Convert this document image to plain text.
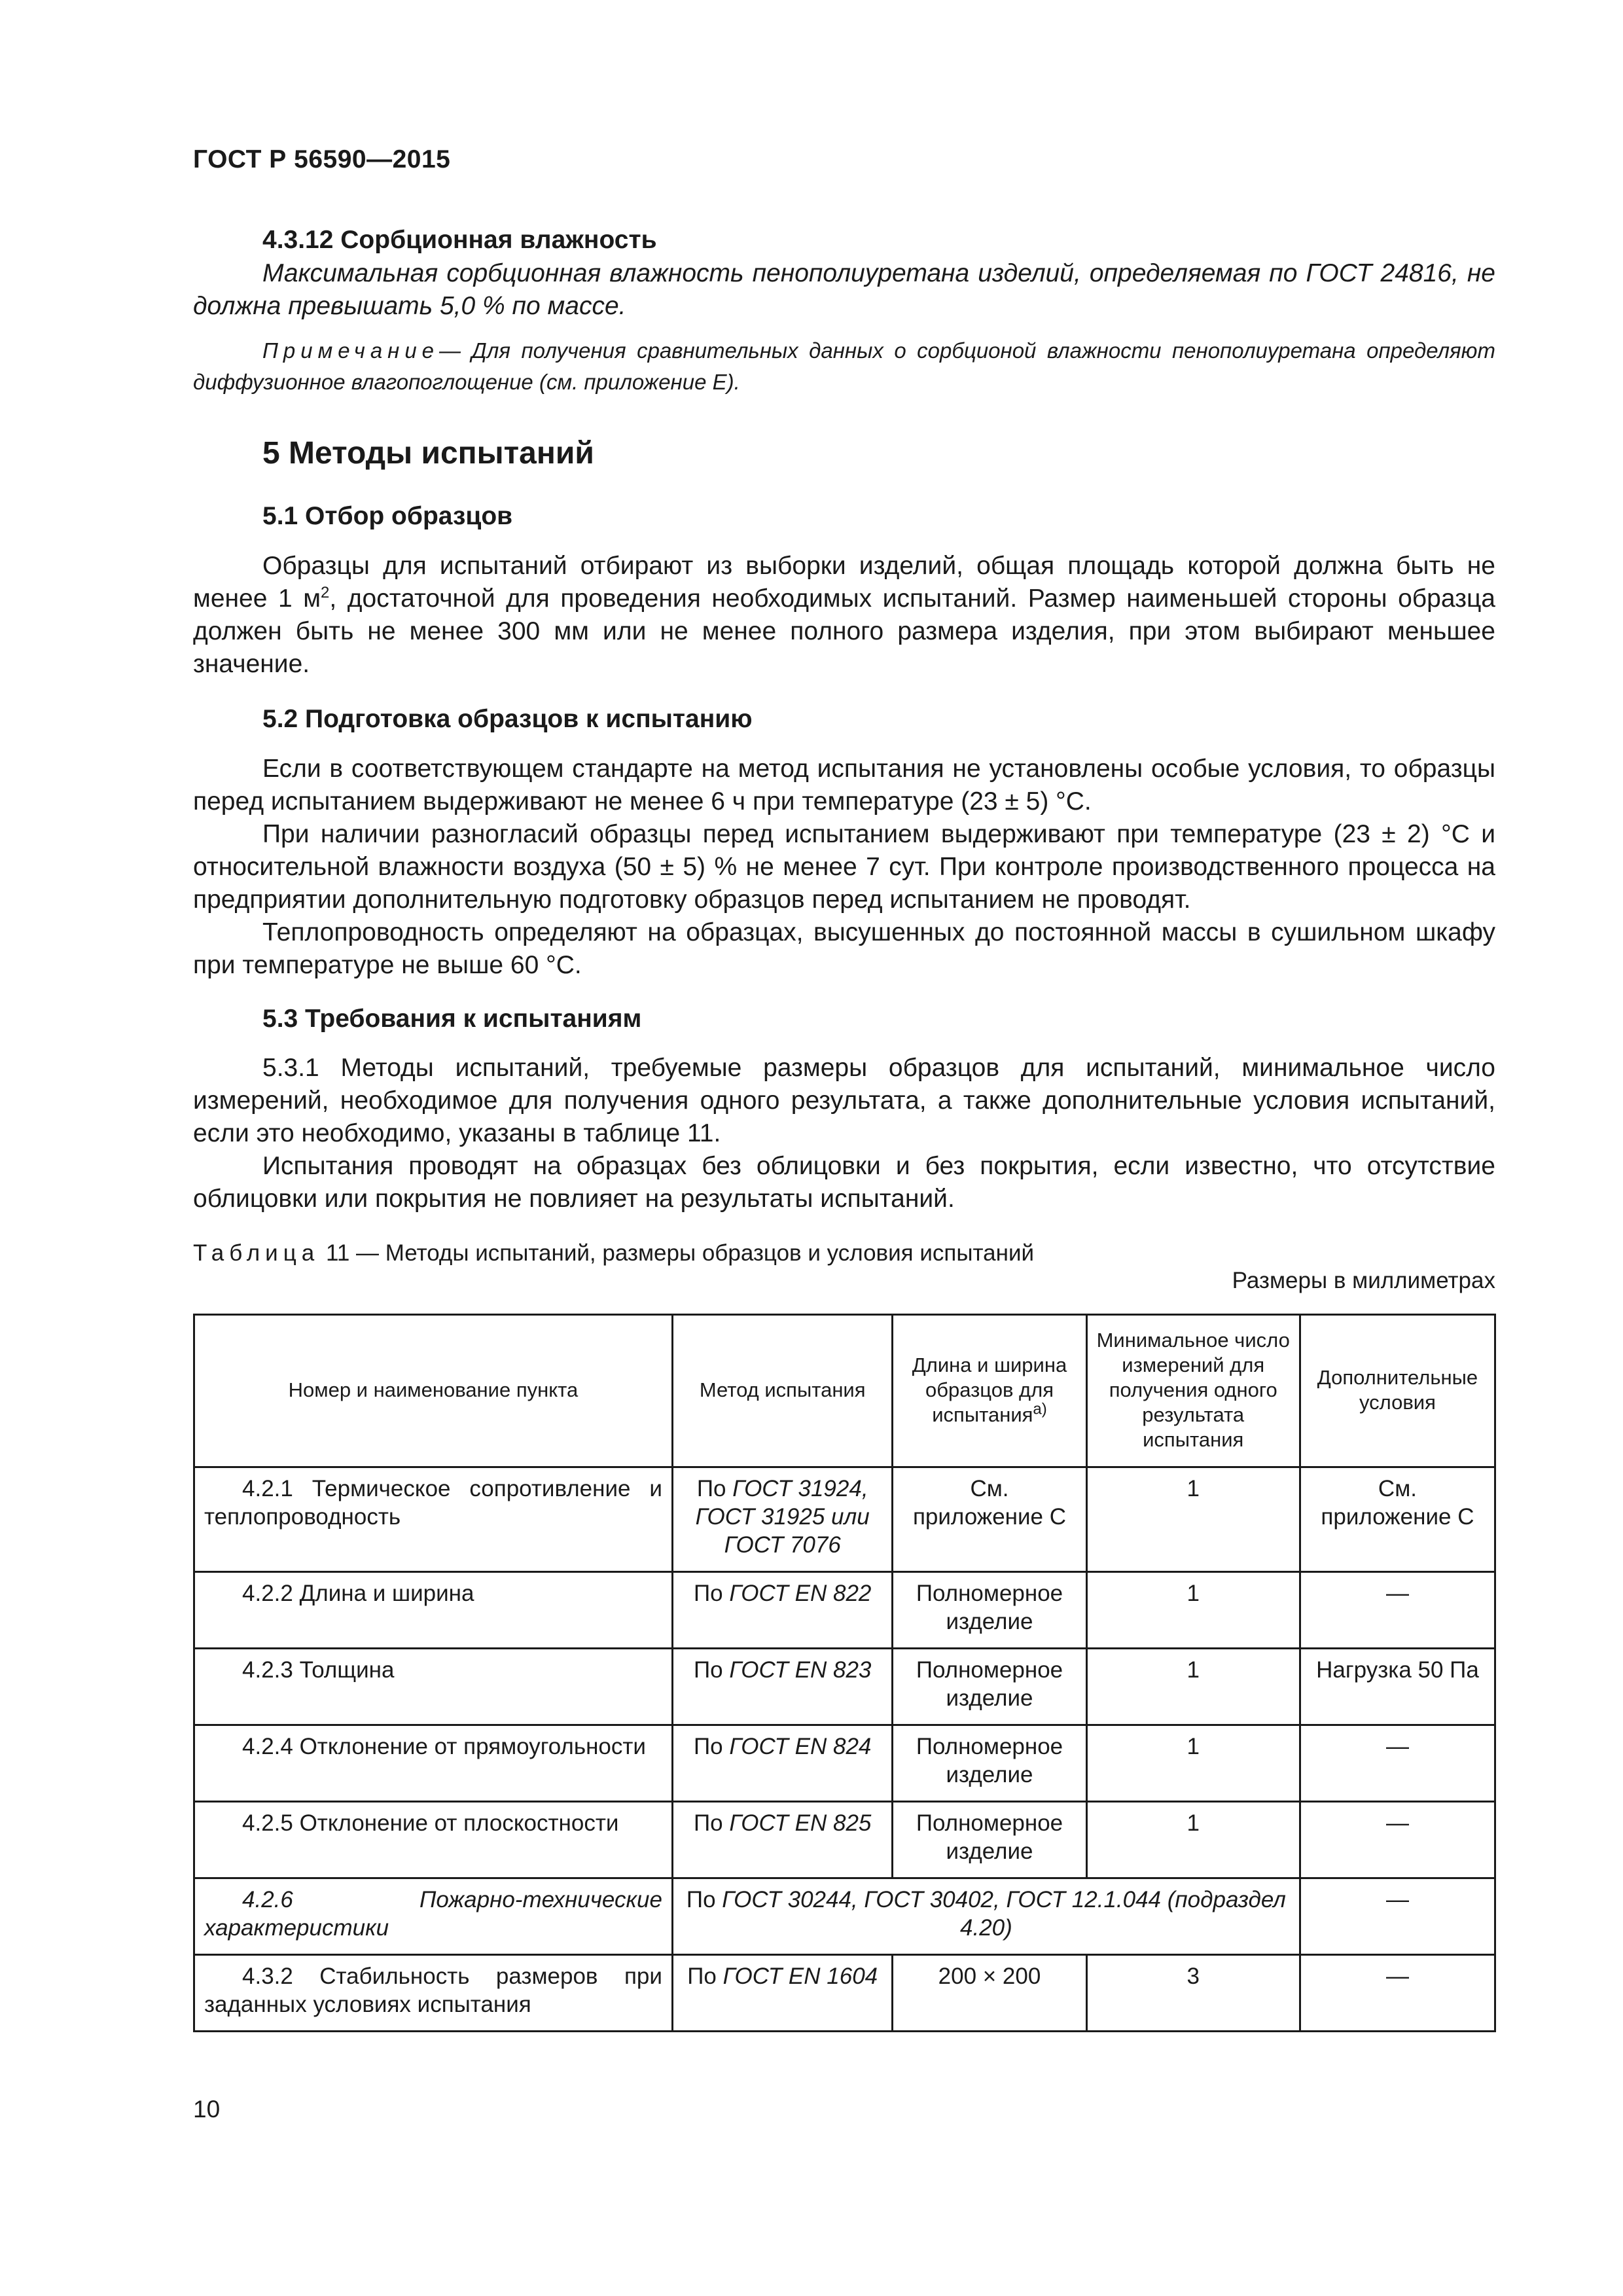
ГОСТ Р 56590—2015
4.3.12 Сорбционная влажность
Максимальная сорбционная влажность пенополиуретана изделий, определяемая по ГОСТ 24816, не должна превышать 5,0 % по массе.
Примечание— Для получения сравнительных данных о сорбционой влажности пенополиуретана определяют диффузионное влагопоглощение (см. приложение Е).
5 Методы испытаний
5.1 Отбор образцов
Образцы для испытаний отбирают из выборки изделий, общая площадь которой должна быть не менее 1 $м^2$, достаточной для проведения необходимых испытаний. Размер наименьшей стороны образца должен быть не менее 300 мм или не менее полного размера изделия, при этом выбирают меньшее значение.
5.2 Подготовка образцов к испытанию
Если в соответствующем стандарте на метод испытания не установлены особые условия, то образцы перед испытанием выдерживают не менее 6 ч при температуре (23 ± 5) °С.
При наличии разногласий образцы перед испытанием выдерживают при температуре (23 ± 2) °С и относительной влажности воздуха (50 ± 5) % не менее 7 сут. При контроле производственного процесса на предприятии дополнительную подготовку образцов перед испытанием не проводят.
Теплопроводность определяют на образцах, высушенных до постоянной массы в сушильном шкафу при температуре не выше 60 °С.
5.3 Требования к испытаниям
5.3.1 Методы испытаний, требуемые размеры образцов для испытаний, минимальное число измерений, необходимое для получения одного результата, а также дополнительные условия испытаний, если это необходимо, указаны в таблице 11.
Испытания проводят на образцах без облицовки и без покрытия, если известно, что отсутствие облицовки или покрытия не повлияет на результаты испытаний.
Таблица 11 — Методы испытаний, размеры образцов и условия испытаний
Размеры в миллиметрах
Номер и наименование пункта	Метод испытания	Длина и ширина образцов для испытания$^{а)}$	Минимальное число измерений для получения одного результата испытания	Дополнительные условия
4.2.1 Термическое сопротивление и теплопроводность	По ГОСТ 31924, ГОСТ 31925 или ГОСТ 7076	См. приложение С	1	См. приложение С
4.2.2 Длина и ширина	По ГОСТ EN 822	Полномерное изделие	1	—
4.2.3 Толщина	По ГОСТ EN 823	Полномерное изделие	1	Нагрузка 50 Па
4.2.4 Отклонение от прямоугольности	По ГОСТ EN 824	Полномерное изделие	1	—
4.2.5 Отклонение от плоскостности	По ГОСТ EN 825	Полномерное изделие	1	—
4.2.6 Пожарно-технические характеристики	По ГОСТ 30244, ГОСТ 30402, ГОСТ 12.1.044 (подраздел 4.20)			—
4.3.2 Стабильность размеров при заданных условиях испытания	По ГОСТ EN 1604	200 × 200	3	—
10
